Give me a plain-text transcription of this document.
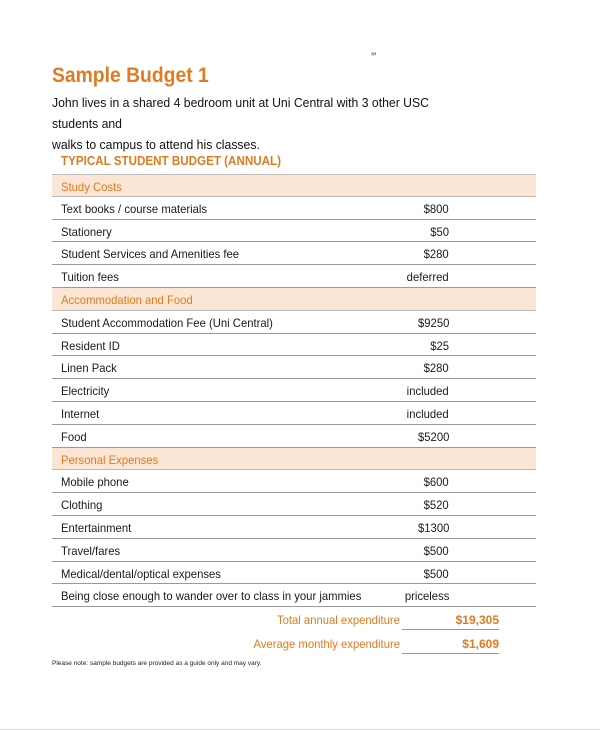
‴
Sample Budget 1
John lives in a shared 4 bedroom unit at Uni Central with 3 other USC students and
walks to campus to attend his classes.
TYPICAL STUDENT BUDGET (ANNUAL)
Study Costs
Text books / course materials	$800
Stationery	$50
Student Services and Amenities fee	$280
Tuition fees	deferred
Accommodation and Food
Student Accommodation Fee (Uni Central)	$9250
Resident ID	$25
Linen Pack	$280
Electricity	included
Internet	included
Food	$5200
Personal Expenses
Mobile phone	$600
Clothing	$520
Entertainment	$1300
Travel/fares	$500
Medical/dental/optical expenses	$500
Being close enough to wander over to class in your jammies	priceless
Total annual expenditure	$19,305
Average monthly expenditure	$1,609
Please note: sample budgets are provided as a guide only and may vary.
